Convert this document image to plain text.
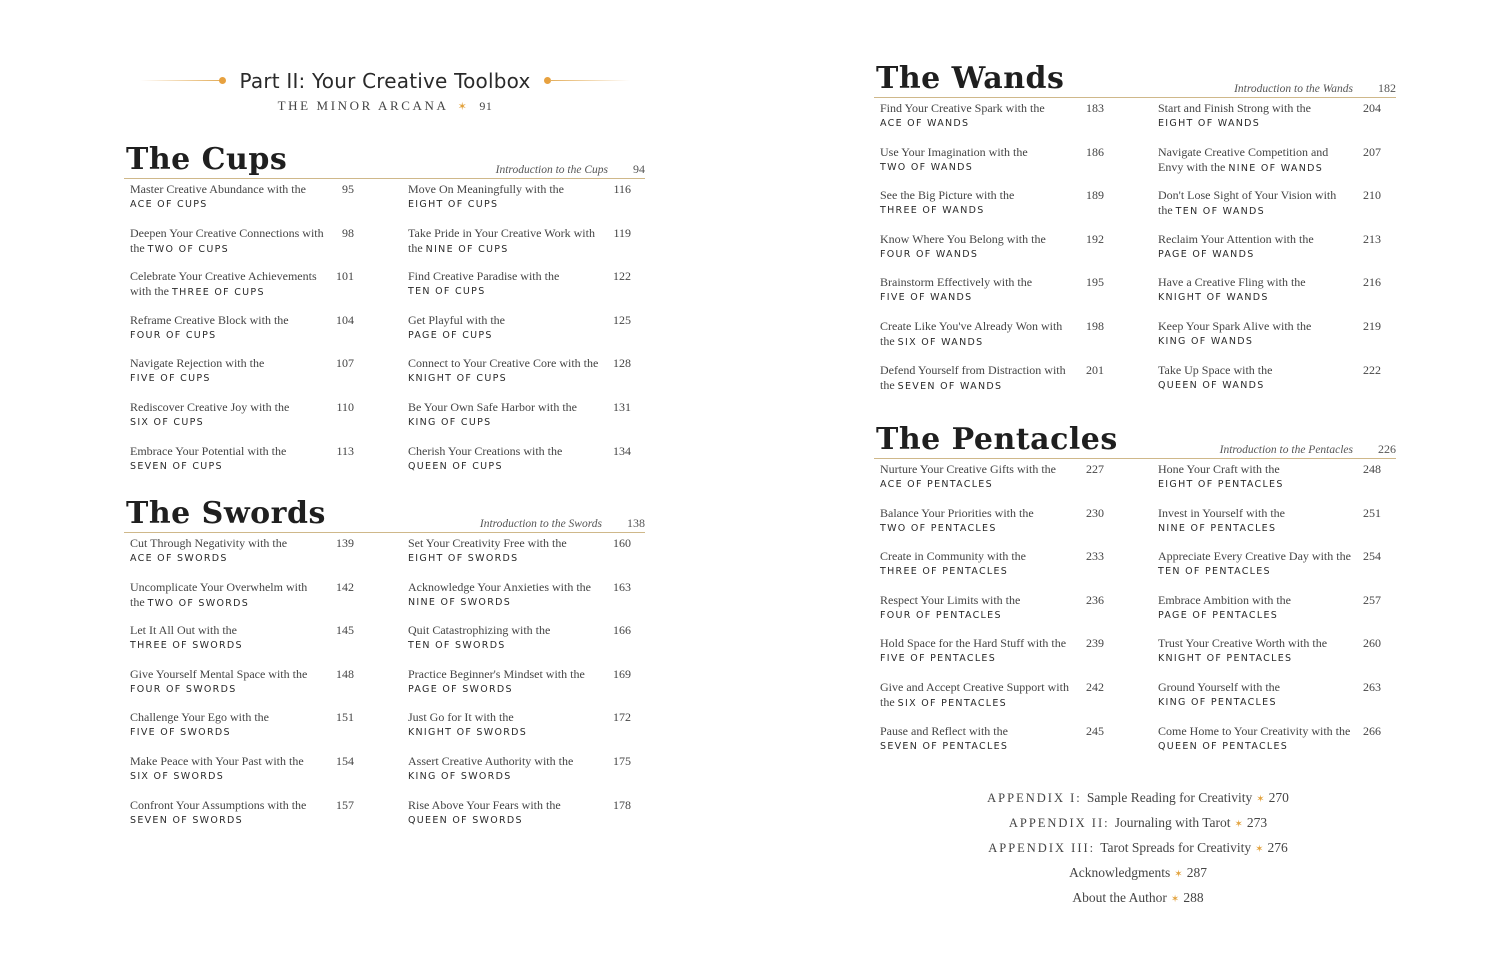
Part II: Your Creative Toolbox
THE MINOR ARCANA ✶ 91
The Cups	Introduction to the Cups 94
Master Creative Abundance with the
ACE OF CUPS
95
Deepen Your Creative Connections with
the TWO OF CUPS
98
Celebrate Your Creative Achievements
with the THREE OF CUPS
101
Reframe Creative Block with the
FOUR OF CUPS
104
Navigate Rejection with the
FIVE OF CUPS
107
Rediscover Creative Joy with the
SIX OF CUPS
110
Embrace Your Potential with the
SEVEN OF CUPS
113
Move On Meaningfully with the
EIGHT OF CUPS
116
Take Pride in Your Creative Work with
the NINE OF CUPS
119
Find Creative Paradise with the
TEN OF CUPS
122
Get Playful with the
PAGE OF CUPS
125
Connect to Your Creative Core with the
KNIGHT OF CUPS
128
Be Your Own Safe Harbor with the
KING OF CUPS
131
Cherish Your Creations with the
QUEEN OF CUPS
134
The Swords	Introduction to the Swords 138
Cut Through Negativity with the
ACE OF SWORDS
139
Uncomplicate Your Overwhelm with
the TWO OF SWORDS
142
Let It All Out with the
THREE OF SWORDS
145
Give Yourself Mental Space with the
FOUR OF SWORDS
148
Challenge Your Ego with the
FIVE OF SWORDS
151
Make Peace with Your Past with the
SIX OF SWORDS
154
Confront Your Assumptions with the
SEVEN OF SWORDS
157
Set Your Creativity Free with the
EIGHT OF SWORDS
160
Acknowledge Your Anxieties with the
NINE OF SWORDS
163
Quit Catastrophizing with the
TEN OF SWORDS
166
Practice Beginner's Mindset with the
PAGE OF SWORDS
169
Just Go for It with the
KNIGHT OF SWORDS
172
Assert Creative Authority with the
KING OF SWORDS
175
Rise Above Your Fears with the
QUEEN OF SWORDS
178
The Wands	Introduction to the Wands 182
Find Your Creative Spark with the
ACE OF WANDS
183
Use Your Imagination with the
TWO OF WANDS
186
See the Big Picture with the
THREE OF WANDS
189
Know Where You Belong with the
FOUR OF WANDS
192
Brainstorm Effectively with the
FIVE OF WANDS
195
Create Like You've Already Won with
the SIX OF WANDS
198
Defend Yourself from Distraction with
the SEVEN OF WANDS
201
Start and Finish Strong with the
EIGHT OF WANDS
204
Navigate Creative Competition and
Envy with the NINE OF WANDS
207
Don't Lose Sight of Your Vision with
the TEN OF WANDS
210
Reclaim Your Attention with the
PAGE OF WANDS
213
Have a Creative Fling with the
KNIGHT OF WANDS
216
Keep Your Spark Alive with the
KING OF WANDS
219
Take Up Space with the
QUEEN OF WANDS
222
The Pentacles	Introduction to the Pentacles 226
Nurture Your Creative Gifts with the
ACE OF PENTACLES
227
Balance Your Priorities with the
TWO OF PENTACLES
230
Create in Community with the
THREE OF PENTACLES
233
Respect Your Limits with the
FOUR OF PENTACLES
236
Hold Space for the Hard Stuff with the
FIVE OF PENTACLES
239
Give and Accept Creative Support with
the SIX OF PENTACLES
242
Pause and Reflect with the
SEVEN OF PENTACLES
245
Hone Your Craft with the
EIGHT OF PENTACLES
248
Invest in Yourself with the
NINE OF PENTACLES
251
Appreciate Every Creative Day with the
TEN OF PENTACLES
254
Embrace Ambition with the
PAGE OF PENTACLES
257
Trust Your Creative Worth with the
KNIGHT OF PENTACLES
260
Ground Yourself with the
KING OF PENTACLES
263
Come Home to Your Creativity with the
QUEEN OF PENTACLES
266
APPENDIX I: Sample Reading for Creativity ✶ 270
APPENDIX II: Journaling with Tarot ✶ 273
APPENDIX III: Tarot Spreads for Creativity ✶ 276
Acknowledgments ✶ 287
About the Author ✶ 288
